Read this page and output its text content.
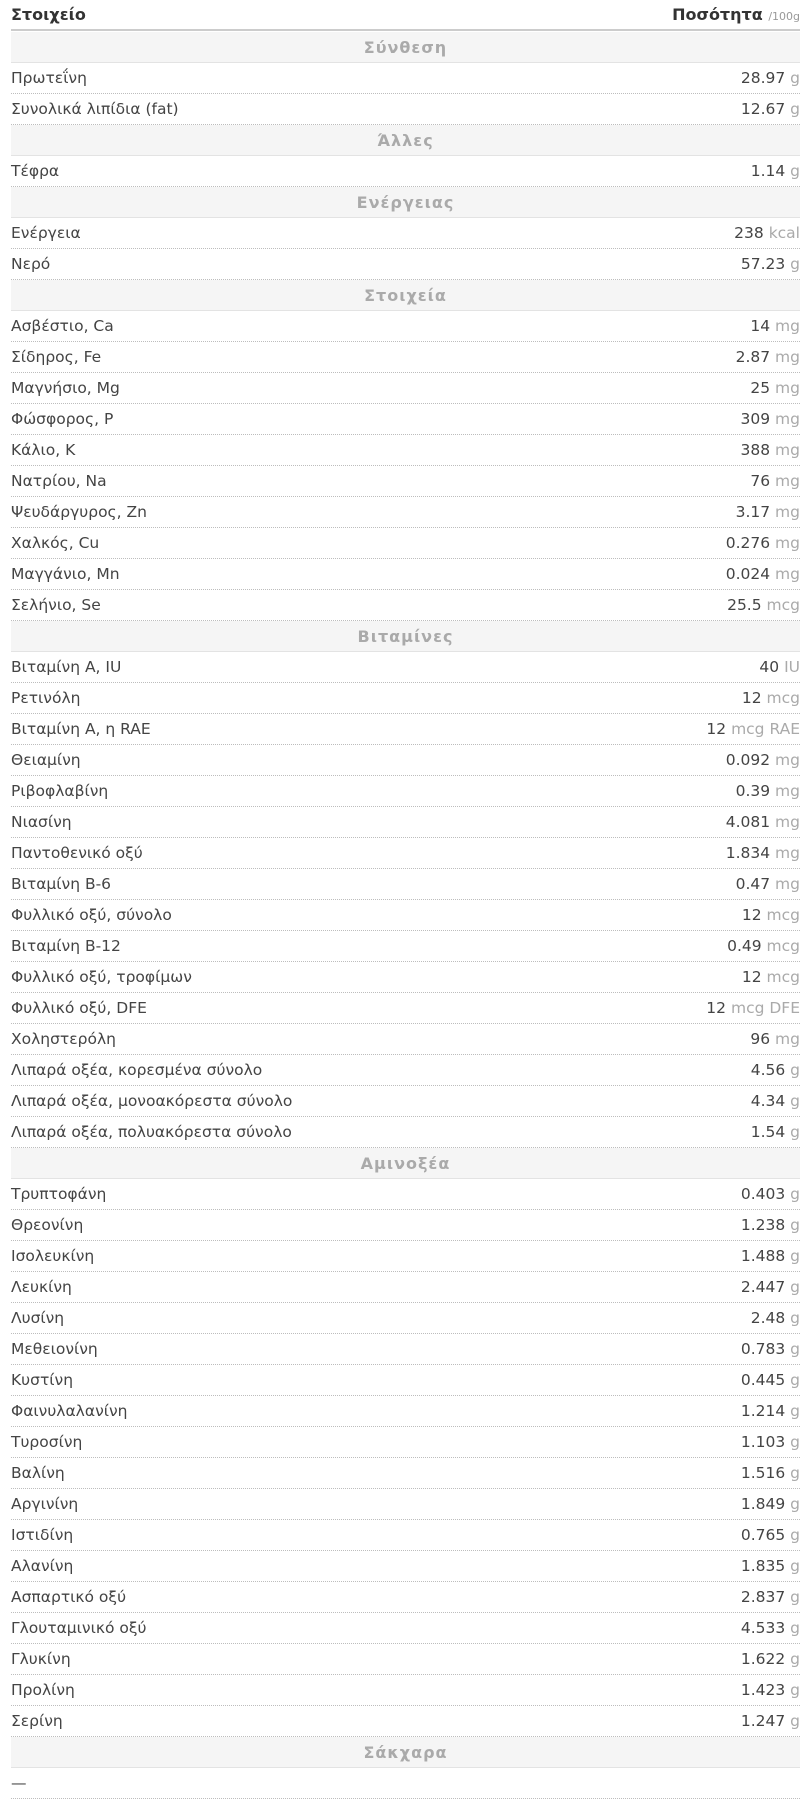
Στοιχείο	Ποσότητα /100g
Σύνθεση
Πρωτεΐνη	28.97 g
Συνολικά λιπίδια (fat)	12.67 g
Άλλες
Τέφρα	1.14 g
Ενέργειας
Ενέργεια	238 kcal
Νερό	57.23 g
Στοιχεία
Ασβέστιο, Ca	14 mg
Σίδηρος, Fe	2.87 mg
Μαγνήσιο, Mg	25 mg
Φώσφορος, P	309 mg
Κάλιο, K	388 mg
Νατρίου, Na	76 mg
Ψευδάργυρος, Zn	3.17 mg
Χαλκός, Cu	0.276 mg
Μαγγάνιο, Mn	0.024 mg
Σελήνιο, Se	25.5 mcg
Βιταμίνες
Βιταμίνη A, IU	40 IU
Ρετινόλη	12 mcg
Βιταμίνη A, η RAE	12 mcg RAE
Θειαμίνη	0.092 mg
Ριβοφλαβίνη	0.39 mg
Νιασίνη	4.081 mg
Παντοθενικό οξύ	1.834 mg
Βιταμίνη B-6	0.47 mg
Φυλλικό οξύ, σύνολο	12 mcg
Βιταμίνη B-12	0.49 mcg
Φυλλικό οξύ, τροφίμων	12 mcg
Φυλλικό οξύ, DFE	12 mcg DFE
Χοληστερόλη	96 mg
Λιπαρά οξέα, κορεσμένα σύνολο	4.56 g
Λιπαρά οξέα, μονοακόρεστα σύνολο	4.34 g
Λιπαρά οξέα, πολυακόρεστα σύνολο	1.54 g
Αμινοξέα
Τρυπτοφάνη	0.403 g
Θρεονίνη	1.238 g
Ισολευκίνη	1.488 g
Λευκίνη	2.447 g
Λυσίνη	2.48 g
Μεθειονίνη	0.783 g
Κυστίνη	0.445 g
Φαινυλαλανίνη	1.214 g
Τυροσίνη	1.103 g
Βαλίνη	1.516 g
Αργινίνη	1.849 g
Ιστιδίνη	0.765 g
Αλανίνη	1.835 g
Ασπαρτικό οξύ	2.837 g
Γλουταμινικό οξύ	4.533 g
Γλυκίνη	1.622 g
Προλίνη	1.423 g
Σερίνη	1.247 g
Σάκχαρα
—
